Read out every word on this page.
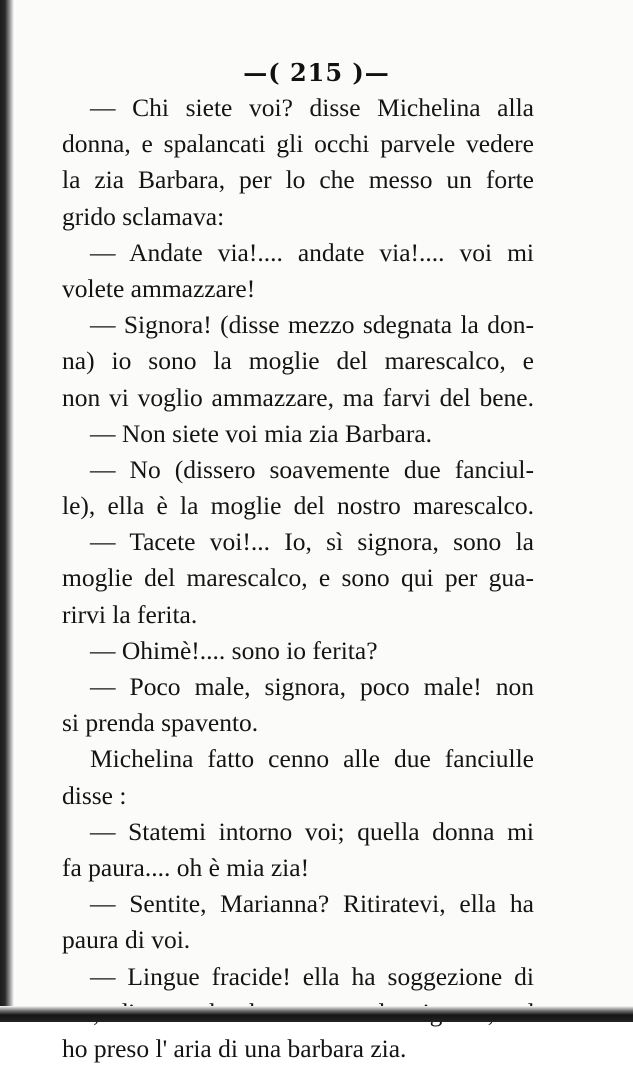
—( 215 )—
— Chi siete voi? disse Michelina alla
donna, e spalancati gli occhi parvele vedere
la zia Barbara, per lo che messo un forte
grido sclamava:
— Andate via!.... andate via!.... voi mi
volete ammazzare!
— Signora! (disse mezzo sdegnata la don-
na) io sono la moglie del marescalco, e
non vi voglio ammazzare, ma farvi del bene.
— Non siete voi mia zia Barbara.
— No (dissero soavemente due fanciul-
le), ella è la moglie del nostro marescalco.
— Tacete voi!... Io, sì signora, sono la
moglie del marescalco, e sono qui per gua-
rirvi la ferita.
— Ohimè!.... sono io ferita?
— Poco male, signora, poco male! non
si prenda spavento.
Michelina fatto cenno alle due fanciulle
disse :
— Statemi intorno voi; quella donna mi
fa paura.... oh è mia zia!
— Sentite, Marianna? Ritiratevi, ella ha
paura di voi.
— Lingue fracide! ella ha soggezione di
ho preso l' aria di una barbara zia.
